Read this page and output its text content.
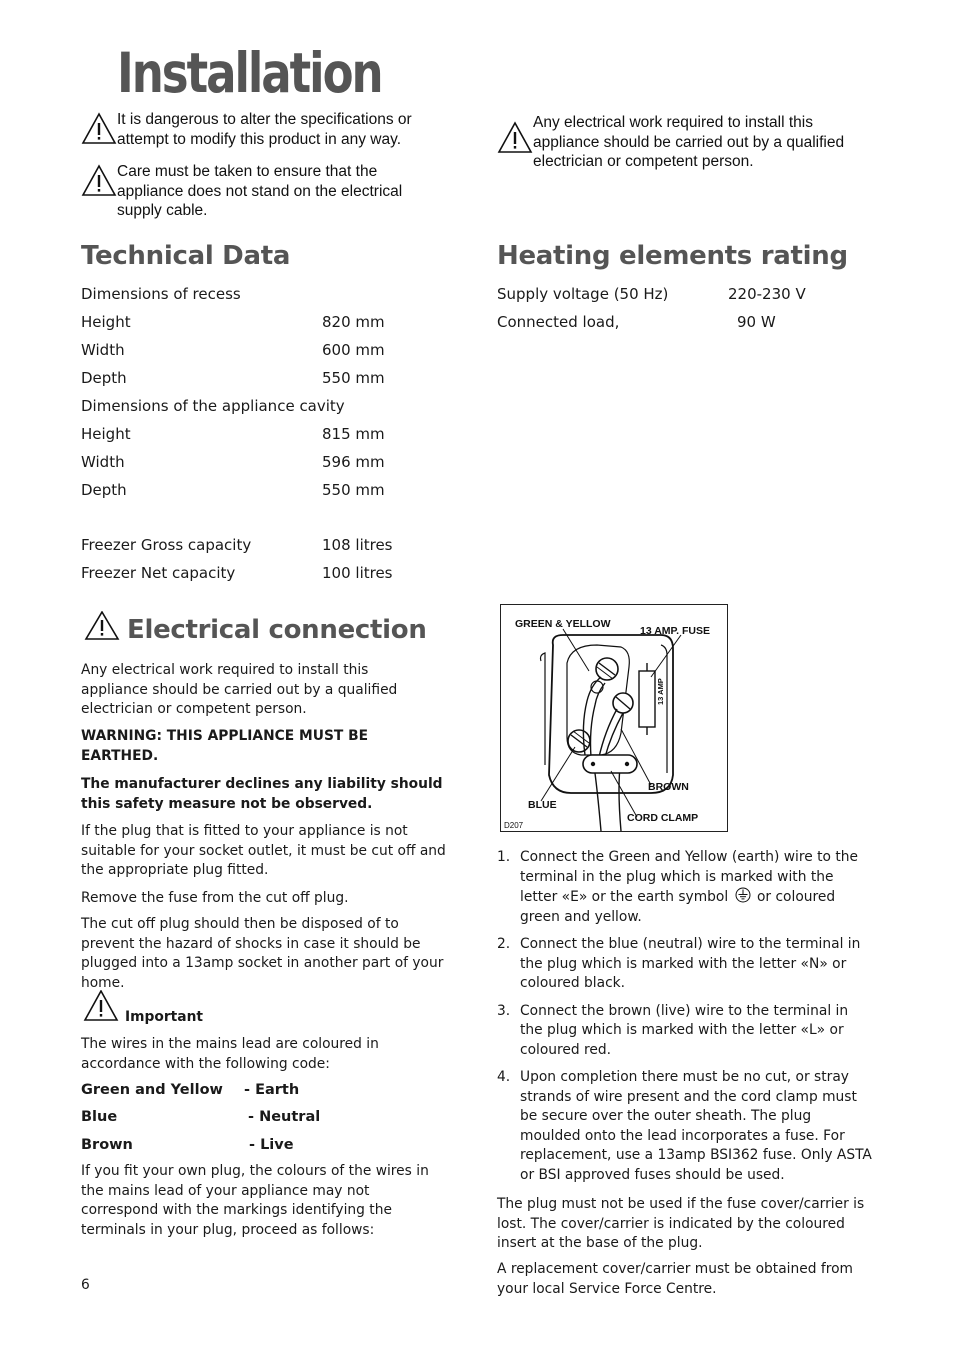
Installation
It is dangerous to alter the specifications or attempt to modify this product in any way.
Care must be taken to ensure that the appliance does not stand on the electrical supply cable.
Any electrical work required to install this appliance should be carried out by a qualified electrician or competent person.
Technical Data
Dimensions of recess
Height	820 mm
Width	600 mm
Depth	550 mm
Dimensions of the appliance cavity
Height	815 mm
Width	596 mm
Depth	550 mm
Freezer Gross capacity	108 litres
Freezer Net capacity	100 litres
Heating elements rating
Supply voltage (50 Hz)	220-230 V
Connected load,	90 W
Electrical connection

Any electrical work required to install this appliance should be carried out by a qualified electrician or competent person.

WARNING: THIS APPLIANCE MUST BE EARTHED.

The manufacturer declines any liability should this safety measure not be observed.

If the plug that is fitted to your appliance is not suitable for your socket outlet, it must be cut off and the appropriate plug fitted.

Remove the fuse from the cut off plug.

The cut off plug should then be disposed of to prevent the hazard of shocks in case it should be plugged into a 13amp socket in another part of your home.

Important

The wires in the mains lead are coloured in accordance with the following code:

Green and Yellow - Earth
Blue	- Neutral
Brown	- Live

If you fit your own plug, the colours of the wires in the mains lead of your appliance may not correspond with the markings identifying the terminals in your plug, proceed as follows:

6
13 AMP
GREEN & YELLOW
13 AMP. FUSE
BROWN
BLUE
CORD CLAMP
D207
1. Connect the Green and Yellow (earth) wire to the terminal in the plug which is marked with the letter «E» or the earth symbol or coloured green and yellow.
2. Connect the blue (neutral) wire to the terminal in the plug which is marked with the letter «N» or coloured black.
3. Connect the brown (live) wire to the terminal in the plug which is marked with the letter «L» or coloured red.
4. Upon completion there must be no cut, or stray strands of wire present and the cord clamp must be secure over the outer sheath. The plug moulded onto the lead incorporates a fuse. For replacement, use a 13amp BSI362 fuse. Only ASTA or BSI approved fuses should be used.

The plug must not be used if the fuse cover/carrier is lost. The cover/carrier is indicated by the coloured insert at the base of the plug.

A replacement cover/carrier must be obtained from your local Service Force Centre.
